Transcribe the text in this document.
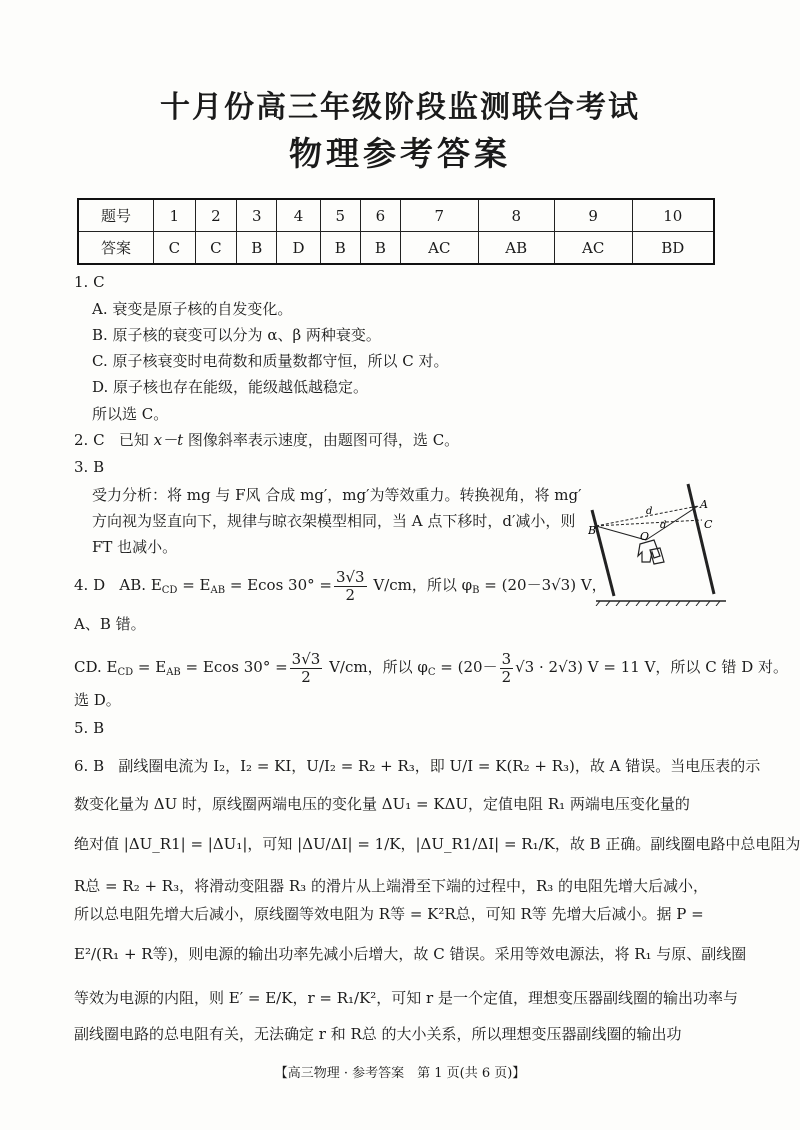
十月份高三年级阶段监测联合考试
物理参考答案
题号	1	2	3	4	5	6	7	8	9	10
答案	C	C	B	D	B	B	AC	AB	AC	BD
1. C
A. 衰变是原子核的自发变化。
B. 原子核的衰变可以分为 α、β 两种衰变。
C. 原子核衰变时电荷数和质量数都守恒，所以 C 对。
D. 原子核也存在能级，能级越低越稳定。
所以选 C。
2. C 已知 x－t 图像斜率表示速度，由题图可得，选 C。
3. B
受力分析：将 mg 与 F风 合成 mg′，mg′为等效重力。转换视角，将 mg′
方向视为竖直向下，规律与晾衣架模型相同，当 A 点下移时，d′减小，则
FT 也减小。
B
A
C
O
d
d
4. D AB. $E_{CD} = E_{AB} = Ecos$ $30^\circ = \frac{3√3}{2} V/cm$，所以 $\varphi_B = (20-3√3)$ V，
A、B 错。
CD. $E_{CD} = E_{AB} = Ecos$ $30^\circ = \frac{3√3}{2} V/cm$，所以 $\varphi_C = (20- \frac{3}{2} √3 \cdot 2√3) V = 11$ V，所以 C 错 D 对。
选 D。
5. B
6. B 副线圈电流为 I₂，I₂ = KI，U/I₂ = R₂ + R₃，即 U/I = K(R₂ + R₃)，故 A 错误。当电压表的示
数变化量为 ΔU 时，原线圈两端电压的变化量 ΔU₁ = KΔU，定值电阻 R₁ 两端电压变化量的
绝对值 |ΔU_R1| = |ΔU₁|，可知 |ΔU/ΔI| = 1/K，|ΔU_R1/ΔI| = R₁/K，故 B 正确。副线圈电路中总电阻为
R总 = R₂ + R₃，将滑动变阻器 R₃ 的滑片从上端滑至下端的过程中，R₃ 的电阻先增大后减小，
所以总电阻先增大后减小，原线圈等效电阻为 R等 = K²R总，可知 R等 先增大后减小。据 P =
E²/(R₁ + R等)，则电源的输出功率先减小后增大，故 C 错误。采用等效电源法，将 R₁ 与原、副线圈
等效为电源的内阻，则 E′ = E/K，r = R₁/K²，可知 r 是一个定值，理想变压器副线圈的输出功率与
副线圈电路的总电阻有关，无法确定 r 和 R总 的大小关系，所以理想变压器副线圈的输出功
【高三物理 · 参考答案　第 1 页(共 6 页)】
